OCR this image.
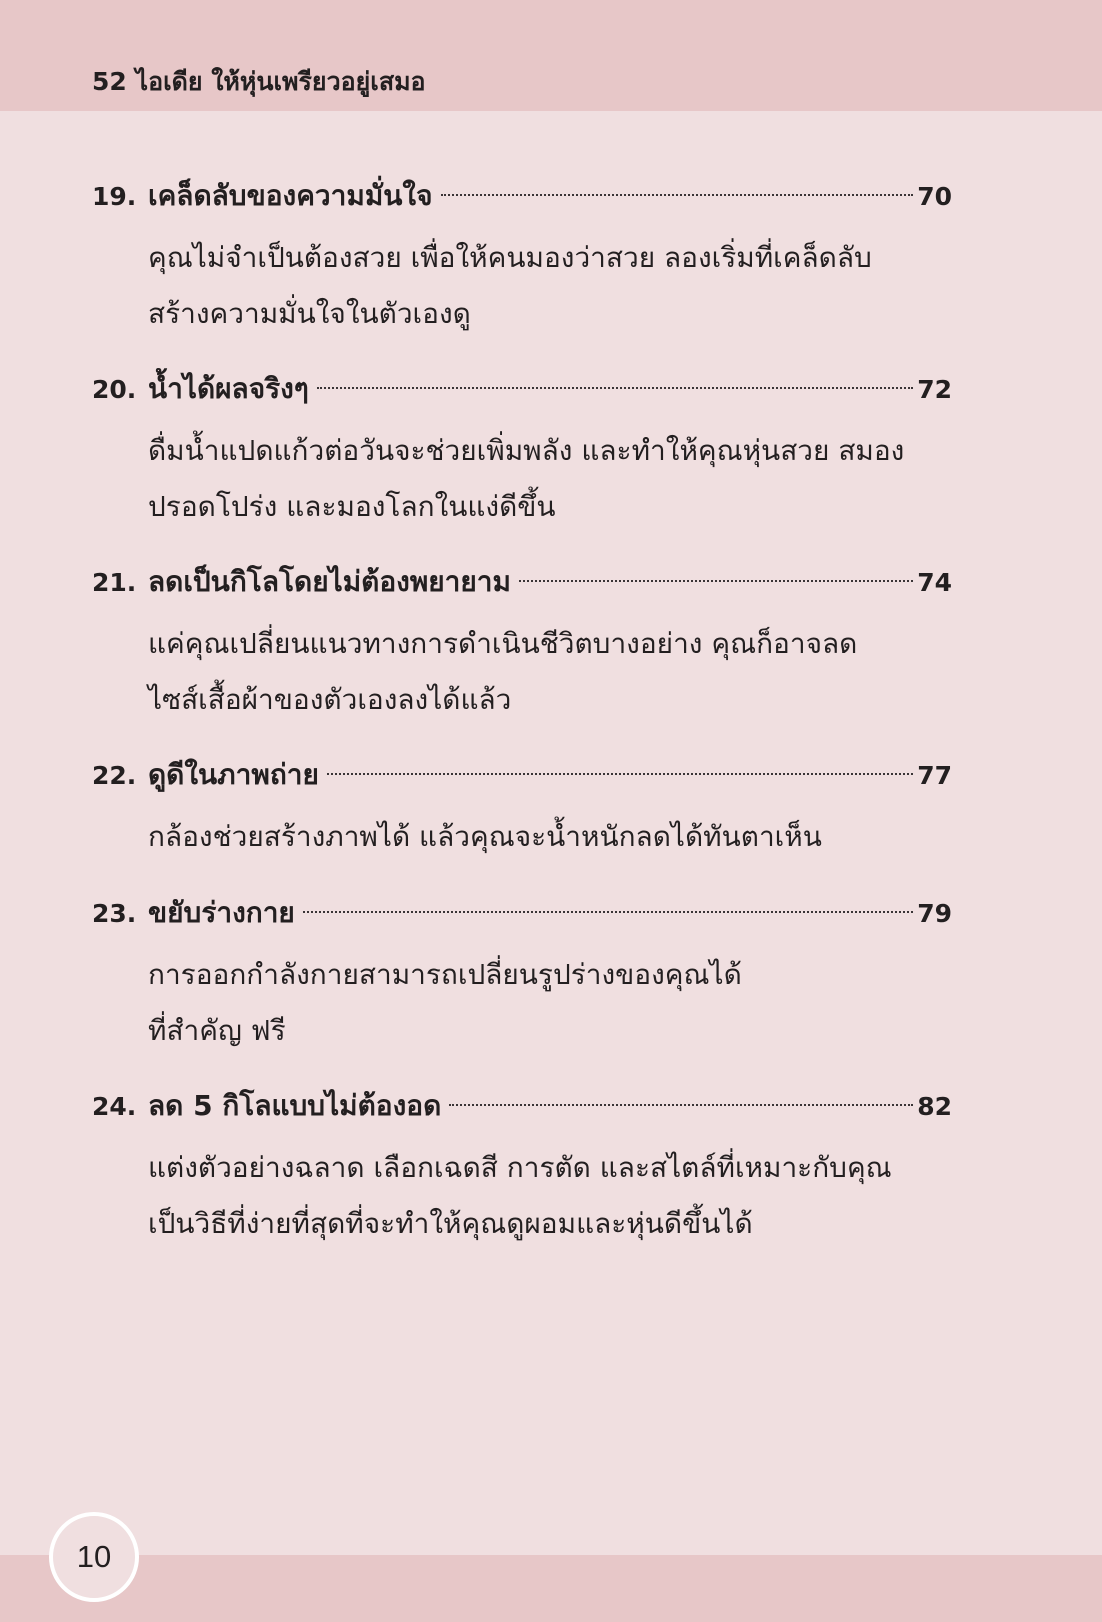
52 ไอเดีย ให้หุ่นเพรียวอยู่เสมอ
19. เคล็ดลับของความมั่นใจ	70
คุณไม่จำเป็นต้องสวย เพื่อให้คนมองว่าสวย ลองเริ่มที่เคล็ดลับ
สร้างความมั่นใจในตัวเองดู
20. น้ำได้ผลจริงๆ	72
ดื่มน้ำแปดแก้วต่อวันจะช่วยเพิ่มพลัง และทำให้คุณหุ่นสวย สมอง
ปรอดโปร่ง และมองโลกในแง่ดีขึ้น
21. ลดเป็นกิโลโดยไม่ต้องพยายาม	74
แค่คุณเปลี่ยนแนวทางการดำเนินชีวิตบางอย่าง คุณก็อาจลด
ไซส์เสื้อผ้าของตัวเองลงได้แล้ว
22. ดูดีในภาพถ่าย	77
กล้องช่วยสร้างภาพได้ แล้วคุณจะน้ำหนักลดได้ทันตาเห็น
23. ขยับร่างกาย	79
การออกกำลังกายสามารถเปลี่ยนรูปร่างของคุณได้
ที่สำคัญ ฟรี
24. ลด 5 กิโลแบบไม่ต้องอด	82
แต่งตัวอย่างฉลาด เลือกเฉดสี การตัด และสไตล์ที่เหมาะกับคุณ
เป็นวิธีที่ง่ายที่สุดที่จะทำให้คุณดูผอมและหุ่นดีขึ้นได้
10
